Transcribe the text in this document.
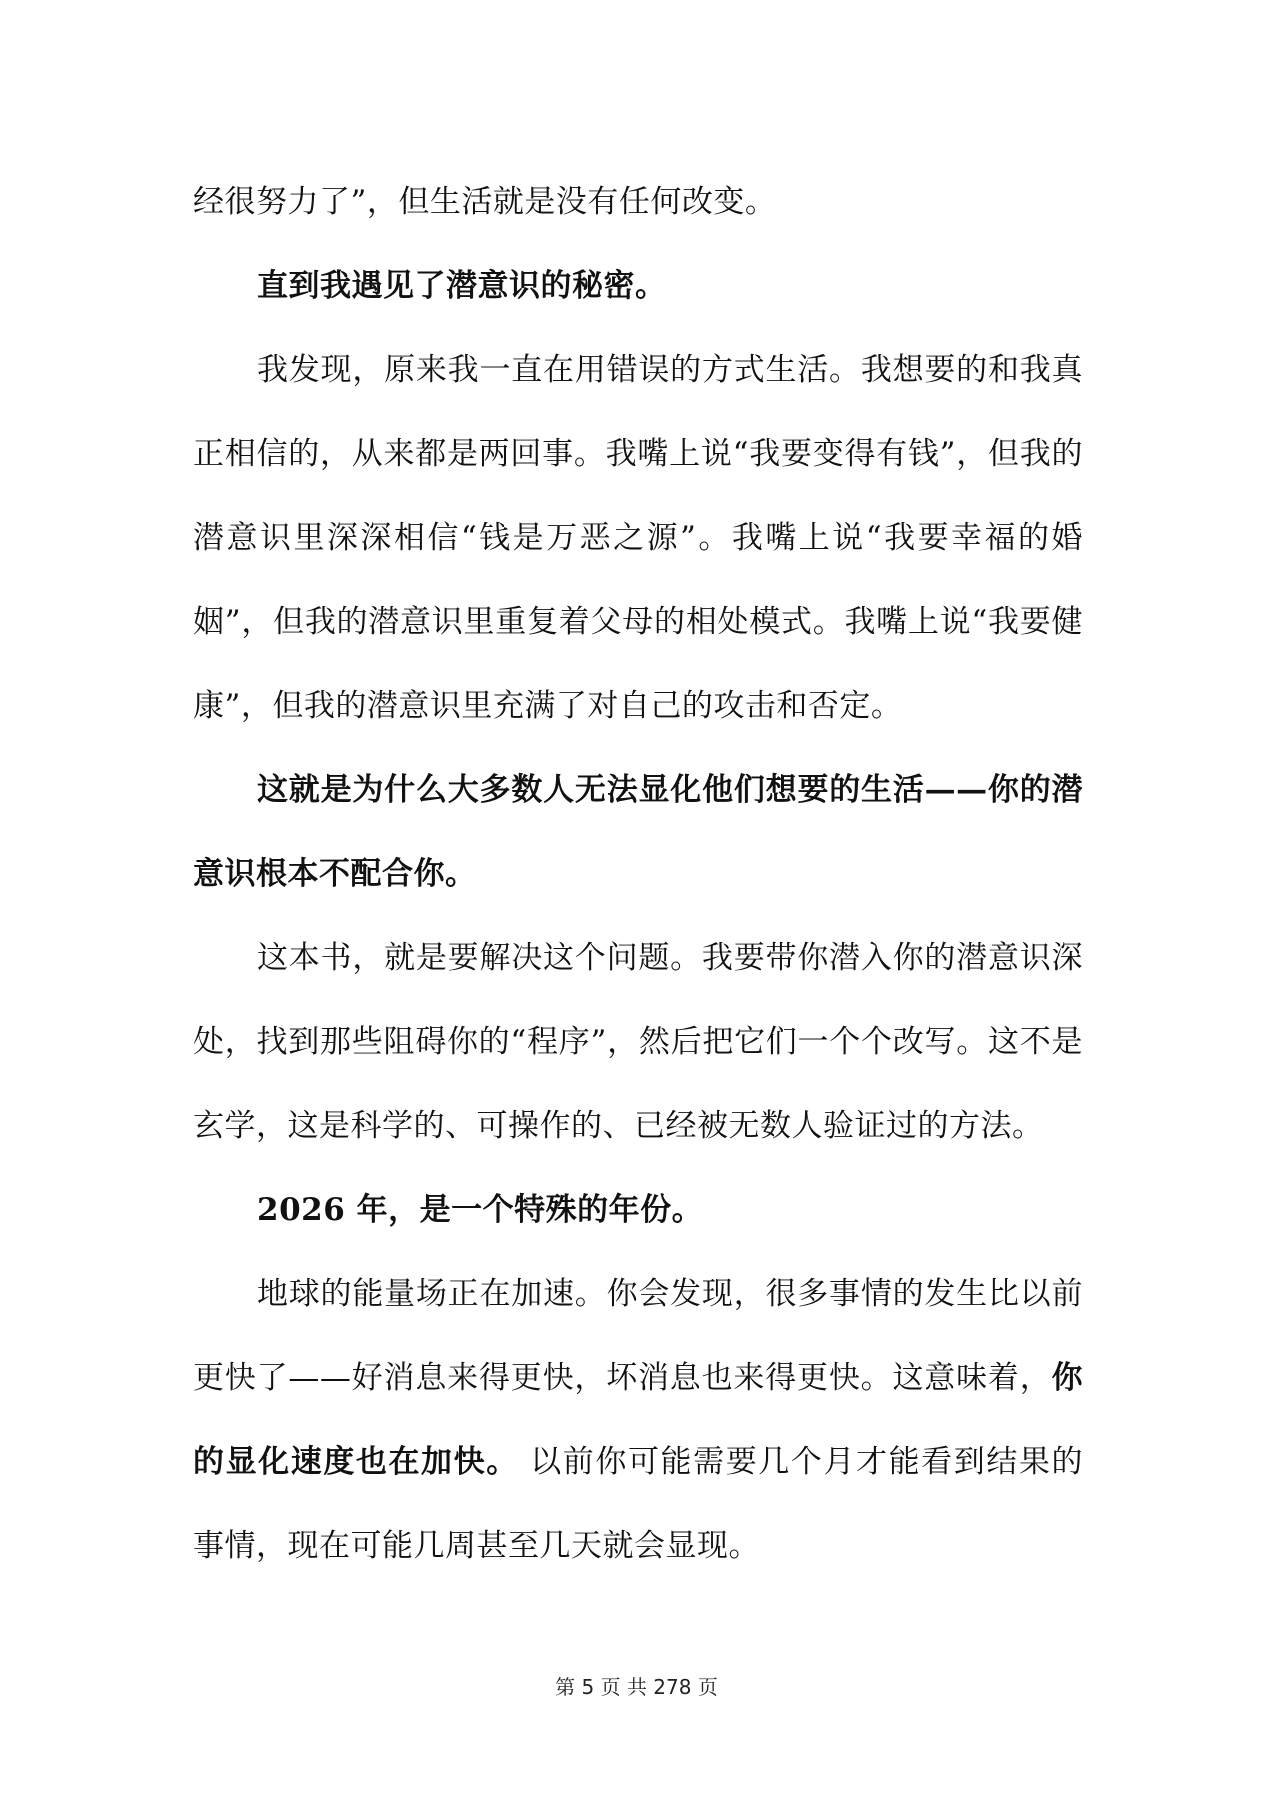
经很努力了”，但生活就是没有任何改变。

直到我遇见了潜意识的秘密。

我发现，原来我一直在用错误的方式生活。我想要的和我真正相信的，从来都是两回事。我嘴上说“我要变得有钱”，但我的潜意识里深深相信“钱是万恶之源”。我嘴上说“我要幸福的婚姻”，但我的潜意识里重复着父母的相处模式。我嘴上说“我要健康”，但我的潜意识里充满了对自己的攻击和否定。

这就是为什么大多数人无法显化他们想要的生活——你的潜意识根本不配合你。

这本书，就是要解决这个问题。我要带你潜入你的潜意识深处，找到那些阻碍你的“程序”，然后把它们一个个改写。这不是玄学，这是科学的、可操作的、已经被无数人验证过的方法。

2026 年，是一个特殊的年份。

地球的能量场正在加速。你会发现，很多事情的发生比以前更快了——好消息来得更快，坏消息也来得更快。这意味着，你的显化速度也在加快。 以前你可能需要几个月才能看到结果的事情，现在可能几周甚至几天就会显现。

第 5 页 共 278 页
